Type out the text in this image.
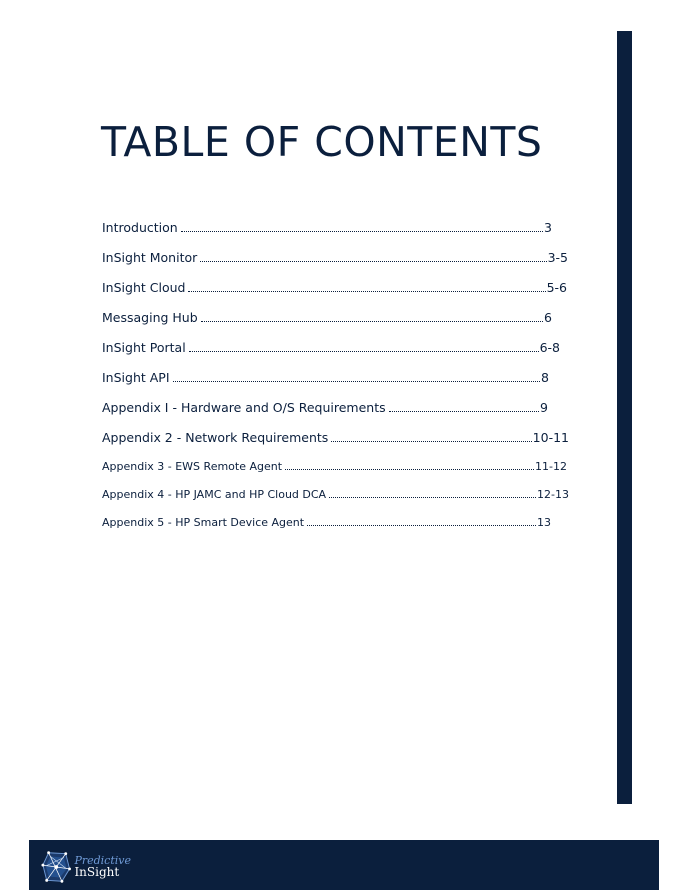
TABLE OF CONTENTS
Introduction	3
InSight Monitor	3-5
InSight Cloud	5-6
Messaging Hub	6
InSight Portal	6-8
InSight API	8
Appendix I - Hardware and O/S Requirements	9
Appendix 2 - Network Requirements	10-11
Appendix 3 - EWS Remote Agent	11-12
Appendix 4 - HP JAMC and HP Cloud DCA	12-13
Appendix 5 - HP Smart Device Agent	13
Predictive
InSight
